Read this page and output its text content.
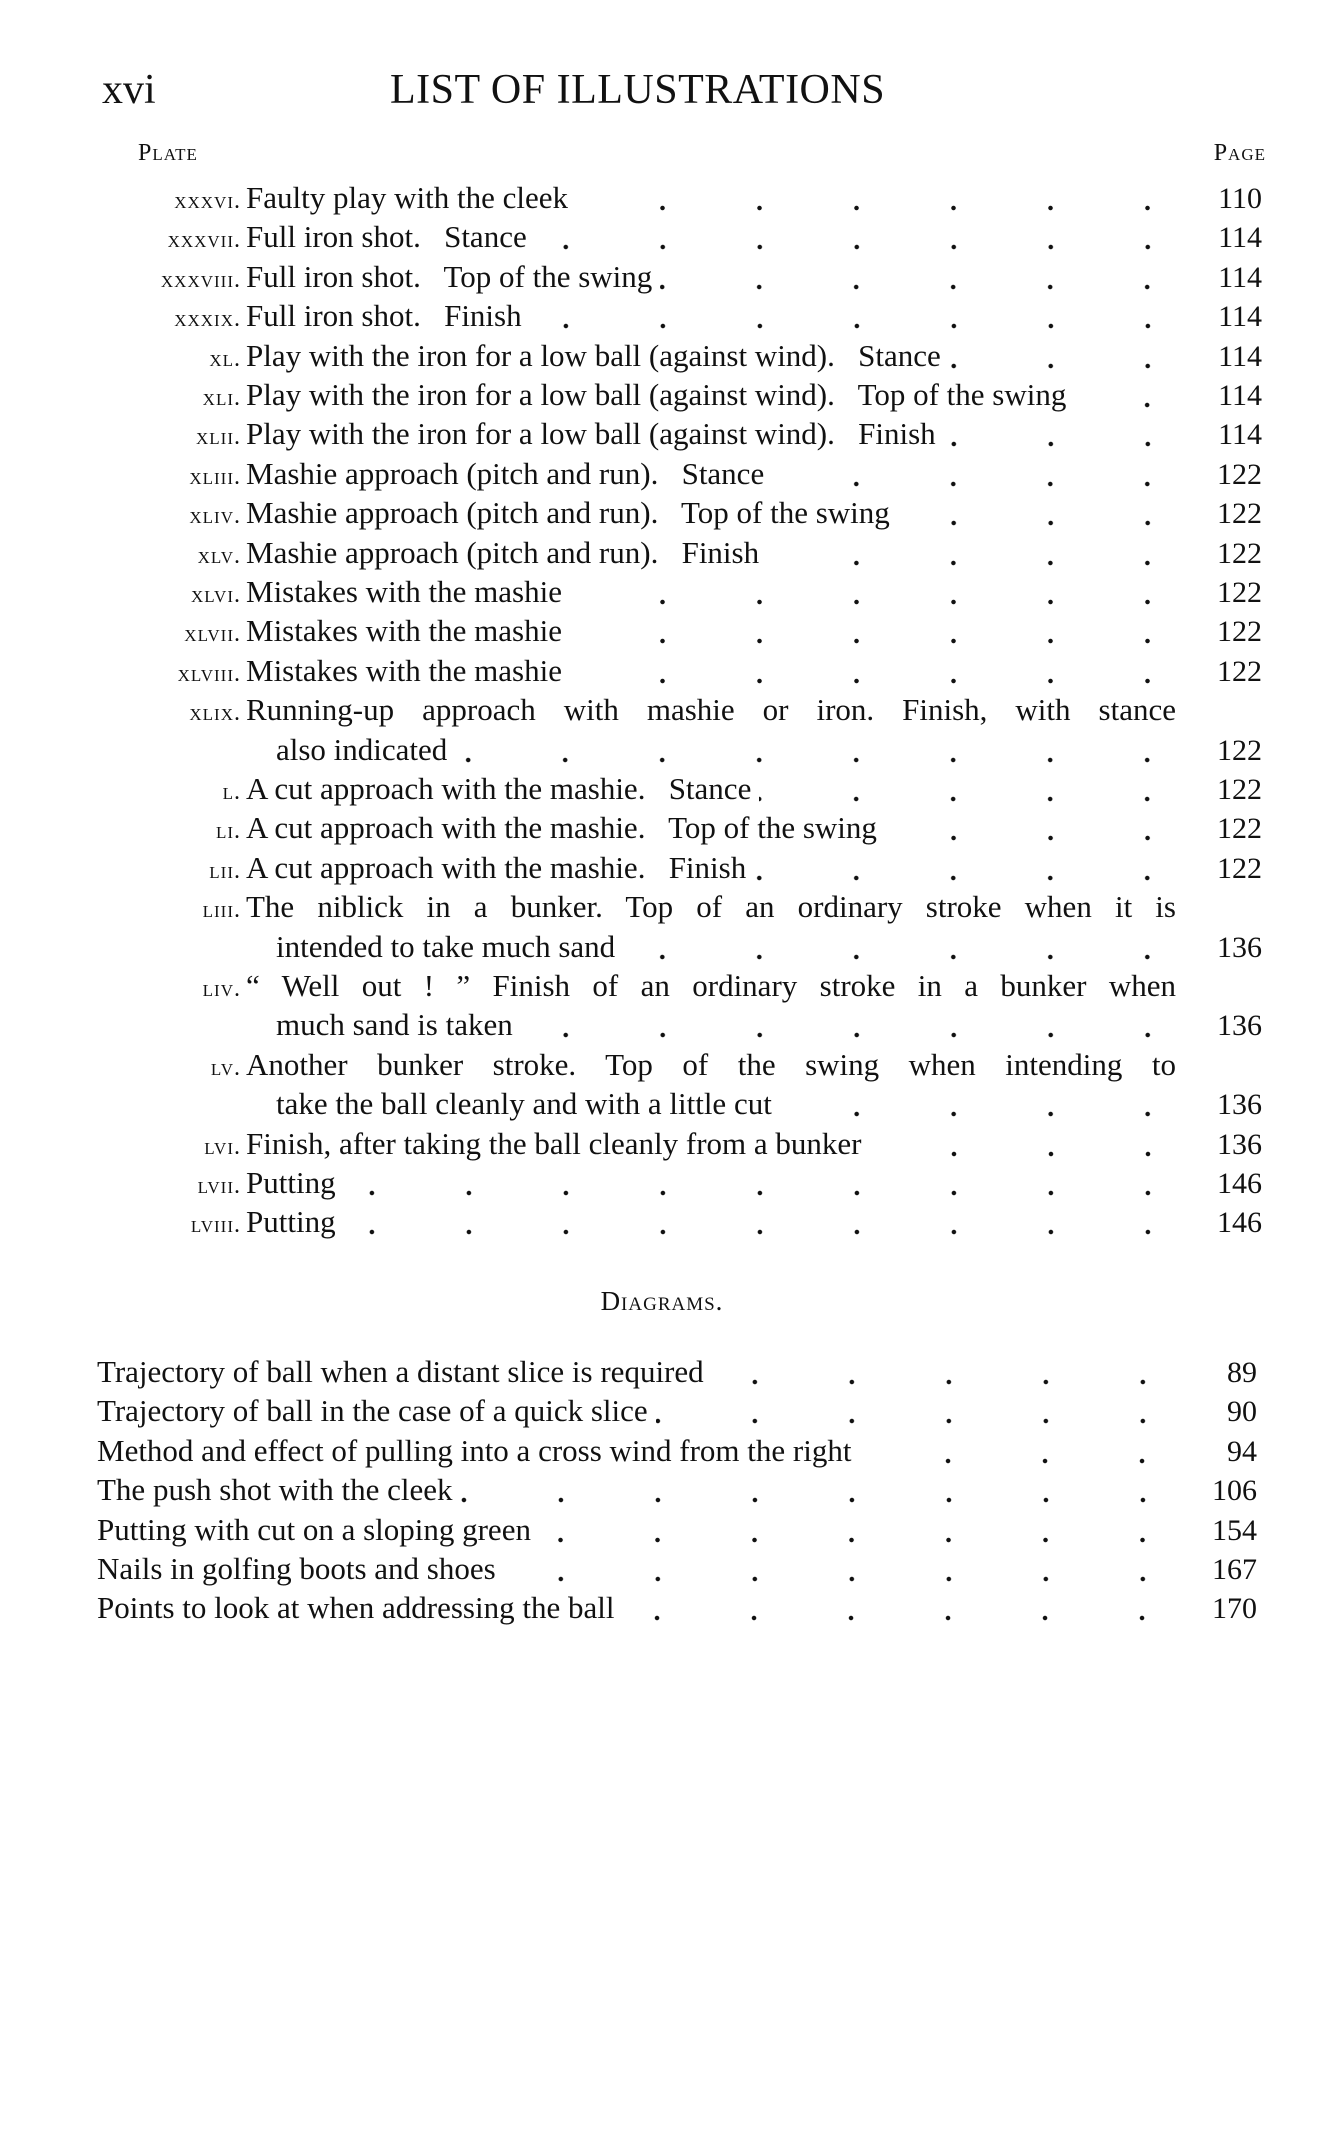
xvi	LIST OF ILLUSTRATIONS
Plate	Page
xxxvi. Faulty play with the cleek	110
xxxvii. Full iron shot.   Stance	114
xxxviii. Full iron shot.   Top of the swing	114
xxxix. Full iron shot.   Finish	114
xl. Play with the iron for a low ball (against wind).   Stance	114
xli. Play with the iron for a low ball (against wind).   Top of the swing	114
xlii. Play with the iron for a low ball (against wind).   Finish	114
xliii. Mashie approach (pitch and run).   Stance	122
xliv. Mashie approach (pitch and run).   Top of the swing	122
xlv. Mashie approach (pitch and run).   Finish	122
xlvi. Mistakes with the mashie	122
xlvii. Mistakes with the mashie	122
xlviii. Mistakes with the mashie	122
xlix. Running-up approach with mashie or iron. Finish, with stance
also indicated	122
l. A cut approach with the mashie.   Stance	122
li. A cut approach with the mashie.   Top of the swing	122
lii. A cut approach with the mashie.   Finish	122
liii. The niblick in a bunker. Top of an ordinary stroke when it is
intended to take much sand	136
liv. “ Well out ! ” Finish of an ordinary stroke in a bunker when
much sand is taken	136
lv. Another bunker stroke. Top of the swing when intending to
take the ball cleanly and with a little cut	136
lvi. Finish, after taking the ball cleanly from a bunker	136
lvii. Putting	146
lviii. Putting	146
Diagrams.
Trajectory of ball when a distant slice is required	89
Trajectory of ball in the case of a quick slice	90
Method and effect of pulling into a cross wind from the right	94
The push shot with the cleek	106
Putting with cut on a sloping green	154
Nails in golfing boots and shoes	167
Points to look at when addressing the ball	170
